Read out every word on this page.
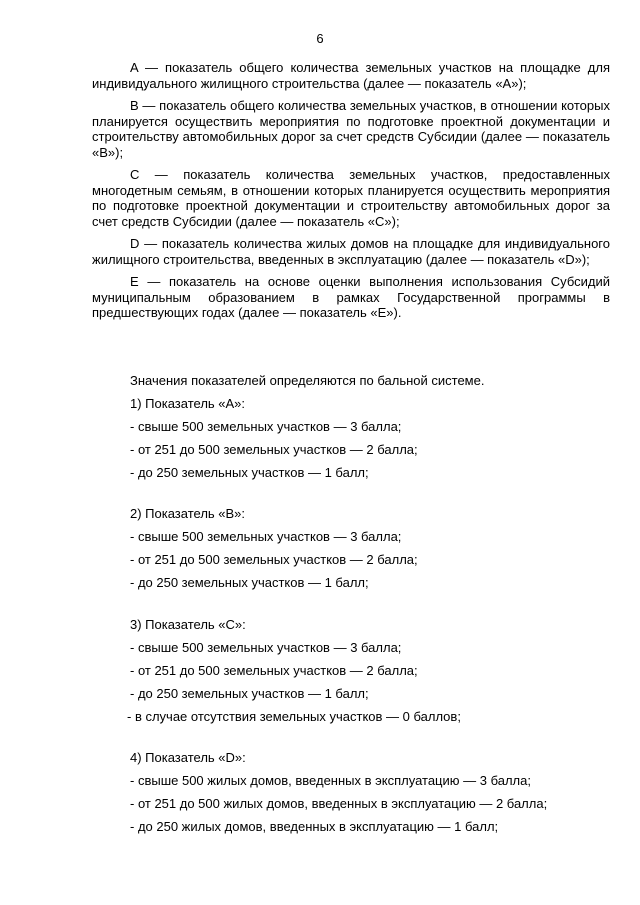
6

A — показатель общего количества земельных участков на площадке для индивидуального жилищного строительства (далее — показатель «A»);

B — показатель общего количества земельных участков, в отношении которых планируется осуществить мероприятия по подготовке проектной документации и строительству автомобильных дорог за счет средств Субсидии (далее — показатель «B»);

C — показатель количества земельных участков, предоставленных многодетным семьям, в отношении которых планируется осуществить мероприятия по подготовке проектной документации и строительству автомобильных дорог за счет средств Субсидии (далее — показатель «C»);

D — показатель количества жилых домов на площадке для индивидуального жилищного строительства, введенных в эксплуатацию (далее — показатель «D»);

E — показатель на основе оценки выполнения использования Субсидий муниципальным образованием в рамках Государственной программы в предшествующих годах (далее — показатель «E»).

Значения показателей определяются по бальной системе.
1) Показатель «A»:
- свыше 500 земельных участков — 3 балла;
- от 251 до 500 земельных участков — 2 балла;
- до 250 земельных участков — 1 балл;
2) Показатель «B»:
- свыше 500 земельных участков — 3 балла;
- от 251 до 500 земельных участков — 2 балла;
- до 250 земельных участков — 1 балл;
3) Показатель «C»:
- свыше 500 земельных участков — 3 балла;
- от 251 до 500 земельных участков — 2 балла;
- до 250 земельных участков — 1 балл;
- в случае отсутствия земельных участков — 0 баллов;
4) Показатель «D»:
- свыше 500 жилых домов, введенных в эксплуатацию — 3 балла;
- от 251 до 500 жилых домов, введенных в эксплуатацию — 2 балла;
- до 250 жилых домов, введенных в эксплуатацию — 1 балл;
